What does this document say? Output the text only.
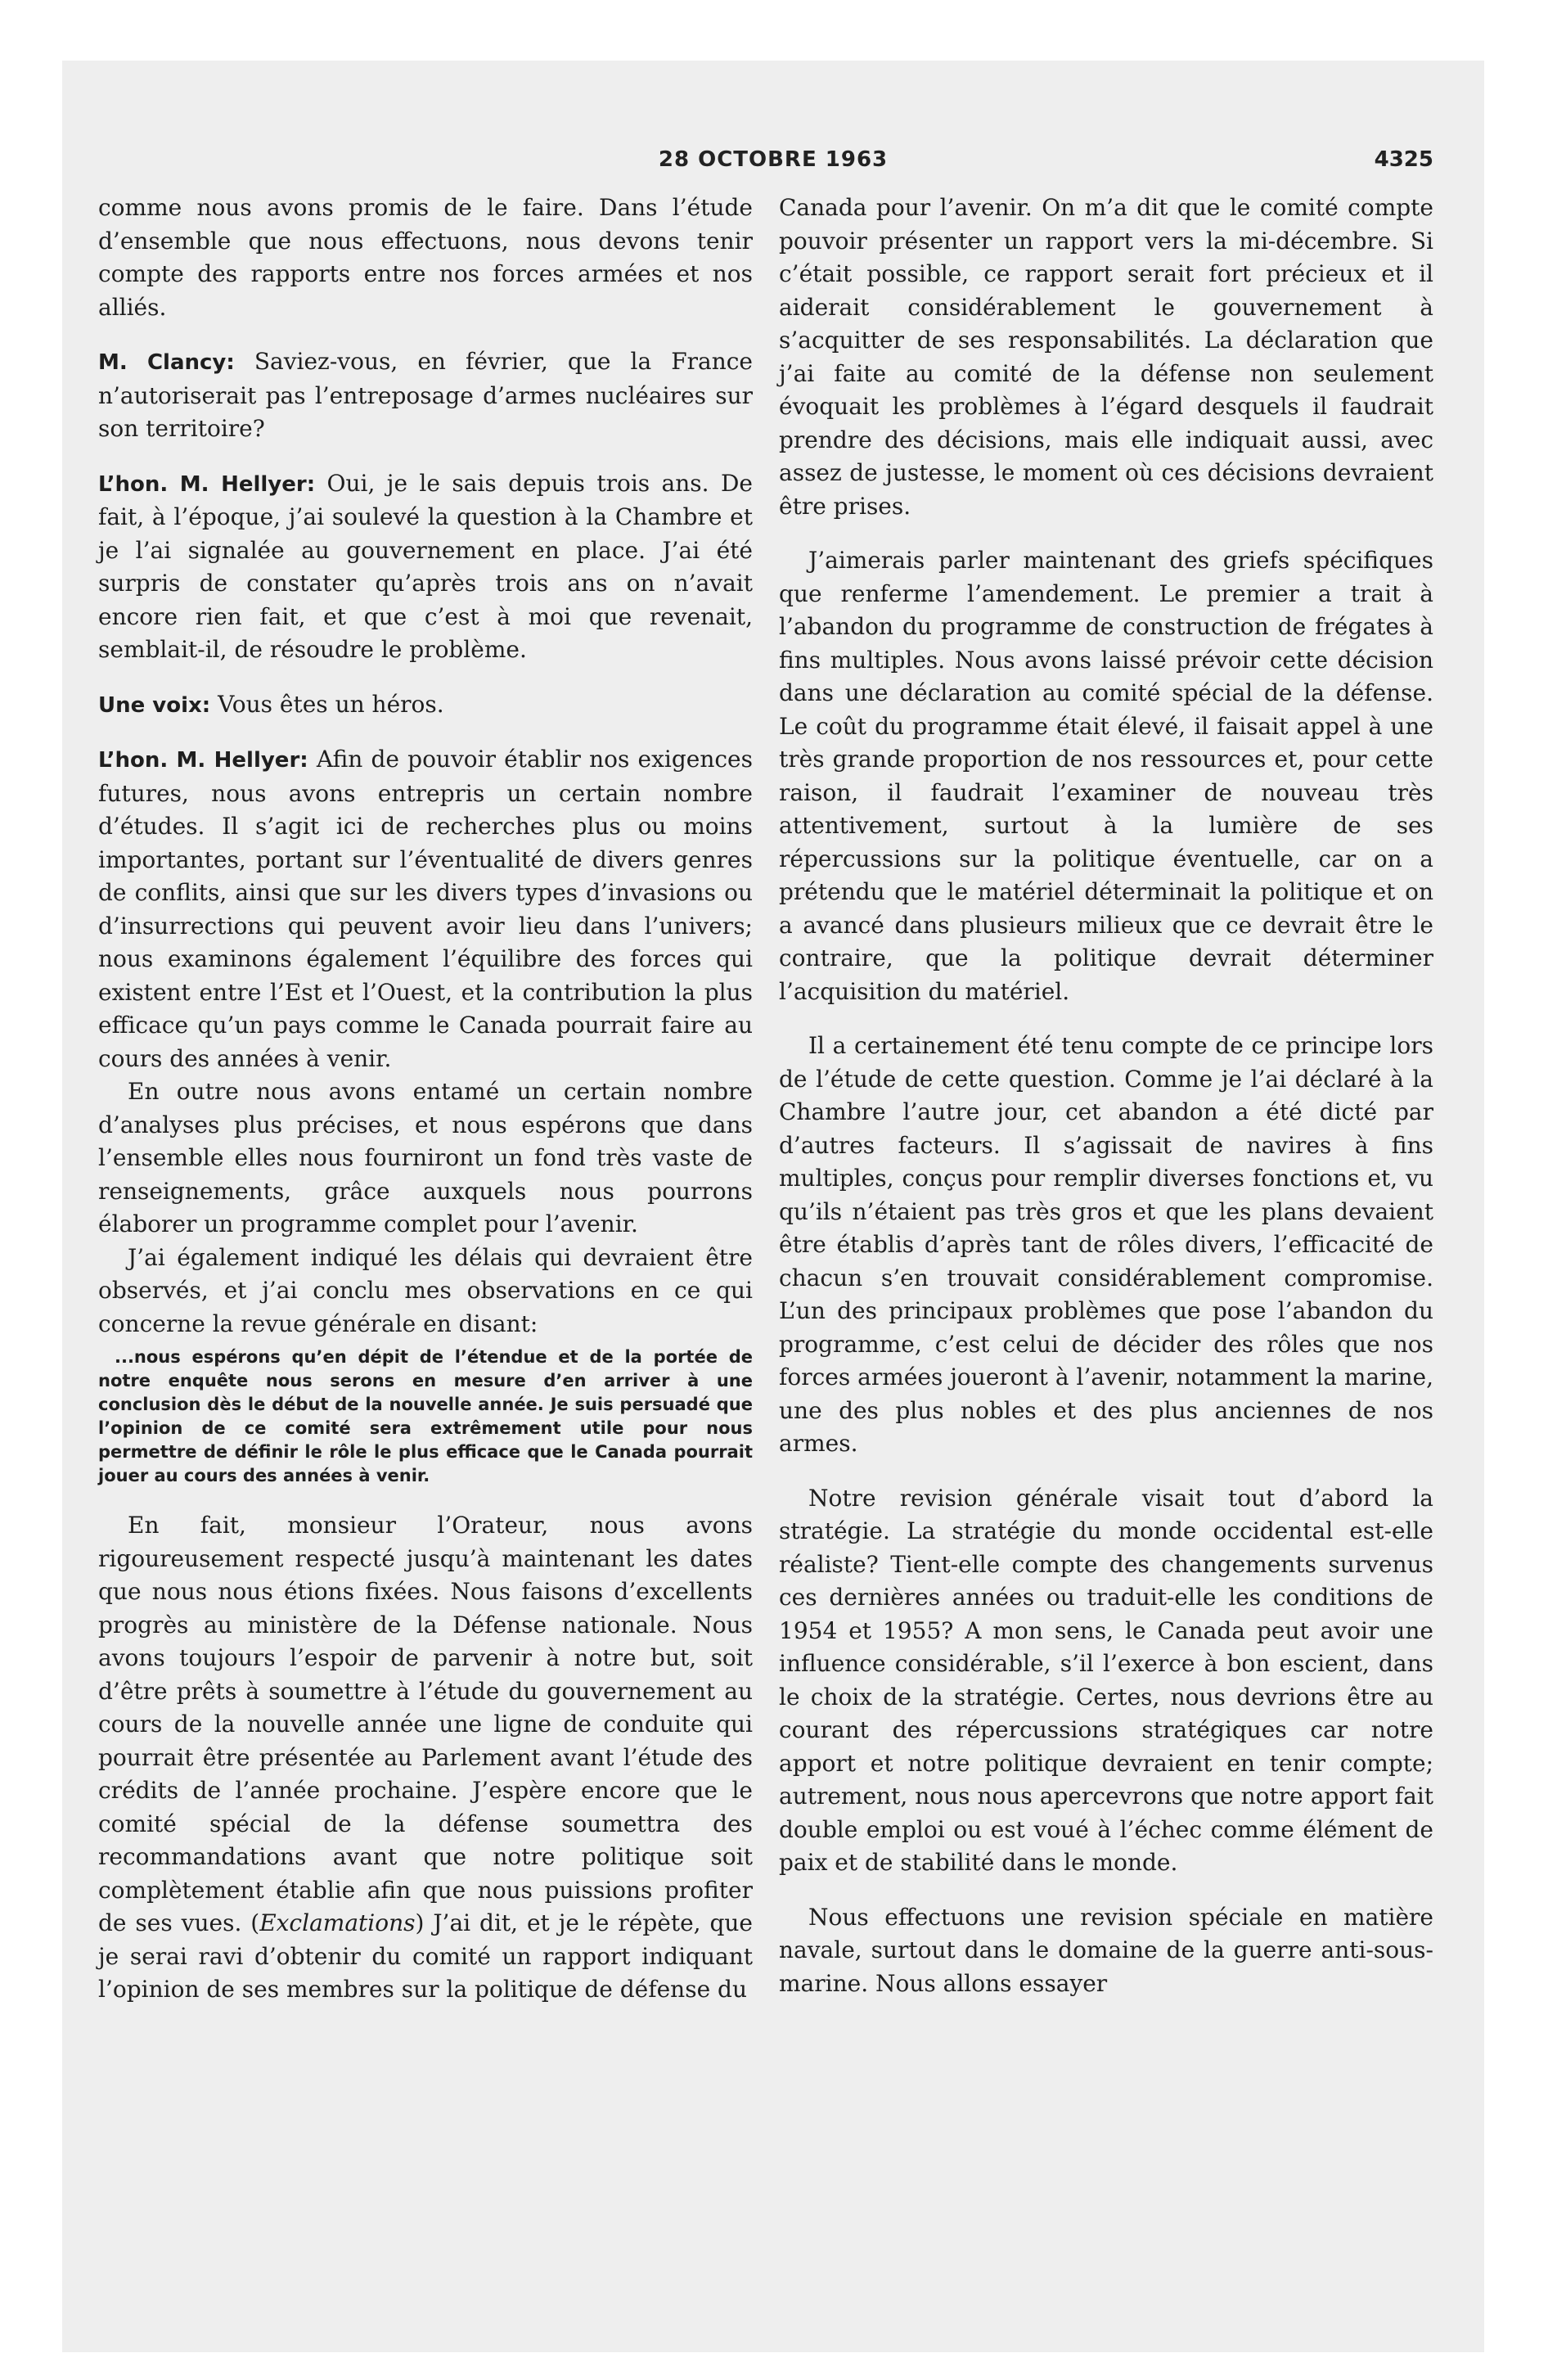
28 OCTOBRE 1963	4325

comme nous avons promis de le faire. Dans l’étude d’ensemble que nous effectuons, nous devons tenir compte des rapports entre nos forces armées et nos alliés.

M. Clancy: Saviez-vous, en février, que la France n’autoriserait pas l’entreposage d’armes nucléaires sur son territoire?

L’hon. M. Hellyer: Oui, je le sais depuis trois ans. De fait, à l’époque, j’ai soulevé la question à la Chambre et je l’ai signalée au gouvernement en place. J’ai été surpris de constater qu’après trois ans on n’avait encore rien fait, et que c’est à moi que revenait, semblait-il, de résoudre le problème.

Une voix: Vous êtes un héros.

L’hon. M. Hellyer: Afin de pouvoir établir nos exigences futures, nous avons entrepris un certain nombre d’études. Il s’agit ici de recherches plus ou moins importantes, portant sur l’éventualité de divers genres de conflits, ainsi que sur les divers types d’invasions ou d’insurrections qui peuvent avoir lieu dans l’univers; nous examinons également l’équilibre des forces qui existent entre l’Est et l’Ouest, et la contribution la plus efficace qu’un pays comme le Canada pourrait faire au cours des années à venir.

En outre nous avons entamé un certain nombre d’analyses plus précises, et nous espérons que dans l’ensemble elles nous fourniront un fond très vaste de renseignements, grâce auxquels nous pourrons élaborer un programme complet pour l’avenir.

J’ai également indiqué les délais qui devraient être observés, et j’ai conclu mes observations en ce qui concerne la revue générale en disant:

...nous espérons qu’en dépit de l’étendue et de la portée de notre enquête nous serons en mesure d’en arriver à une conclusion dès le début de la nouvelle année. Je suis persuadé que l’opinion de ce comité sera extrêmement utile pour nous permettre de définir le rôle le plus efficace que le Canada pourrait jouer au cours des années à venir.

En fait, monsieur l’Orateur, nous avons rigoureusement respecté jusqu’à maintenant les dates que nous nous étions fixées. Nous faisons d’excellents progrès au ministère de la Défense nationale. Nous avons toujours l’espoir de parvenir à notre but, soit d’être prêts à soumettre à l’étude du gouvernement au cours de la nouvelle année une ligne de conduite qui pourrait être présentée au Parlement avant l’étude des crédits de l’année prochaine. J’espère encore que le comité spécial de la défense soumettra des recommandations avant que notre politique soit complètement établie afin que nous puissions profiter de ses vues. (Exclamations) J’ai dit, et je le répète, que je serai ravi d’obtenir du comité un rapport indiquant l’opinion de ses membres sur la politique de défense du

Canada pour l’avenir. On m’a dit que le comité compte pouvoir présenter un rapport vers la mi-décembre. Si c’était possible, ce rapport serait fort précieux et il aiderait considérablement le gouvernement à s’acquitter de ses responsabilités. La déclaration que j’ai faite au comité de la défense non seulement évoquait les problèmes à l’égard desquels il faudrait prendre des décisions, mais elle indiquait aussi, avec assez de justesse, le moment où ces décisions devraient être prises.

J’aimerais parler maintenant des griefs spécifiques que renferme l’amendement. Le premier a trait à l’abandon du programme de construction de frégates à fins multiples. Nous avons laissé prévoir cette décision dans une déclaration au comité spécial de la défense. Le coût du programme était élevé, il faisait appel à une très grande proportion de nos ressources et, pour cette raison, il faudrait l’examiner de nouveau très attentivement, surtout à la lumière de ses répercussions sur la politique éventuelle, car on a prétendu que le matériel déterminait la politique et on a avancé dans plusieurs milieux que ce devrait être le contraire, que la politique devrait déterminer l’acquisition du matériel.

Il a certainement été tenu compte de ce principe lors de l’étude de cette question. Comme je l’ai déclaré à la Chambre l’autre jour, cet abandon a été dicté par d’autres facteurs. Il s’agissait de navires à fins multiples, conçus pour remplir diverses fonctions et, vu qu’ils n’étaient pas très gros et que les plans devaient être établis d’après tant de rôles divers, l’efficacité de chacun s’en trouvait considérablement compromise. L’un des principaux problèmes que pose l’abandon du programme, c’est celui de décider des rôles que nos forces armées joueront à l’avenir, notamment la marine, une des plus nobles et des plus anciennes de nos armes.

Notre revision générale visait tout d’abord la stratégie. La stratégie du monde occidental est-elle réaliste? Tient-elle compte des changements survenus ces dernières années ou traduit-elle les conditions de 1954 et 1955? A mon sens, le Canada peut avoir une influence considérable, s’il l’exerce à bon escient, dans le choix de la stratégie. Certes, nous devrions être au courant des répercussions stratégiques car notre apport et notre politique devraient en tenir compte; autrement, nous nous apercevrons que notre apport fait double emploi ou est voué à l’échec comme élément de paix et de stabilité dans le monde.

Nous effectuons une revision spéciale en matière navale, surtout dans le domaine de la guerre anti-sous-marine. Nous allons essayer
